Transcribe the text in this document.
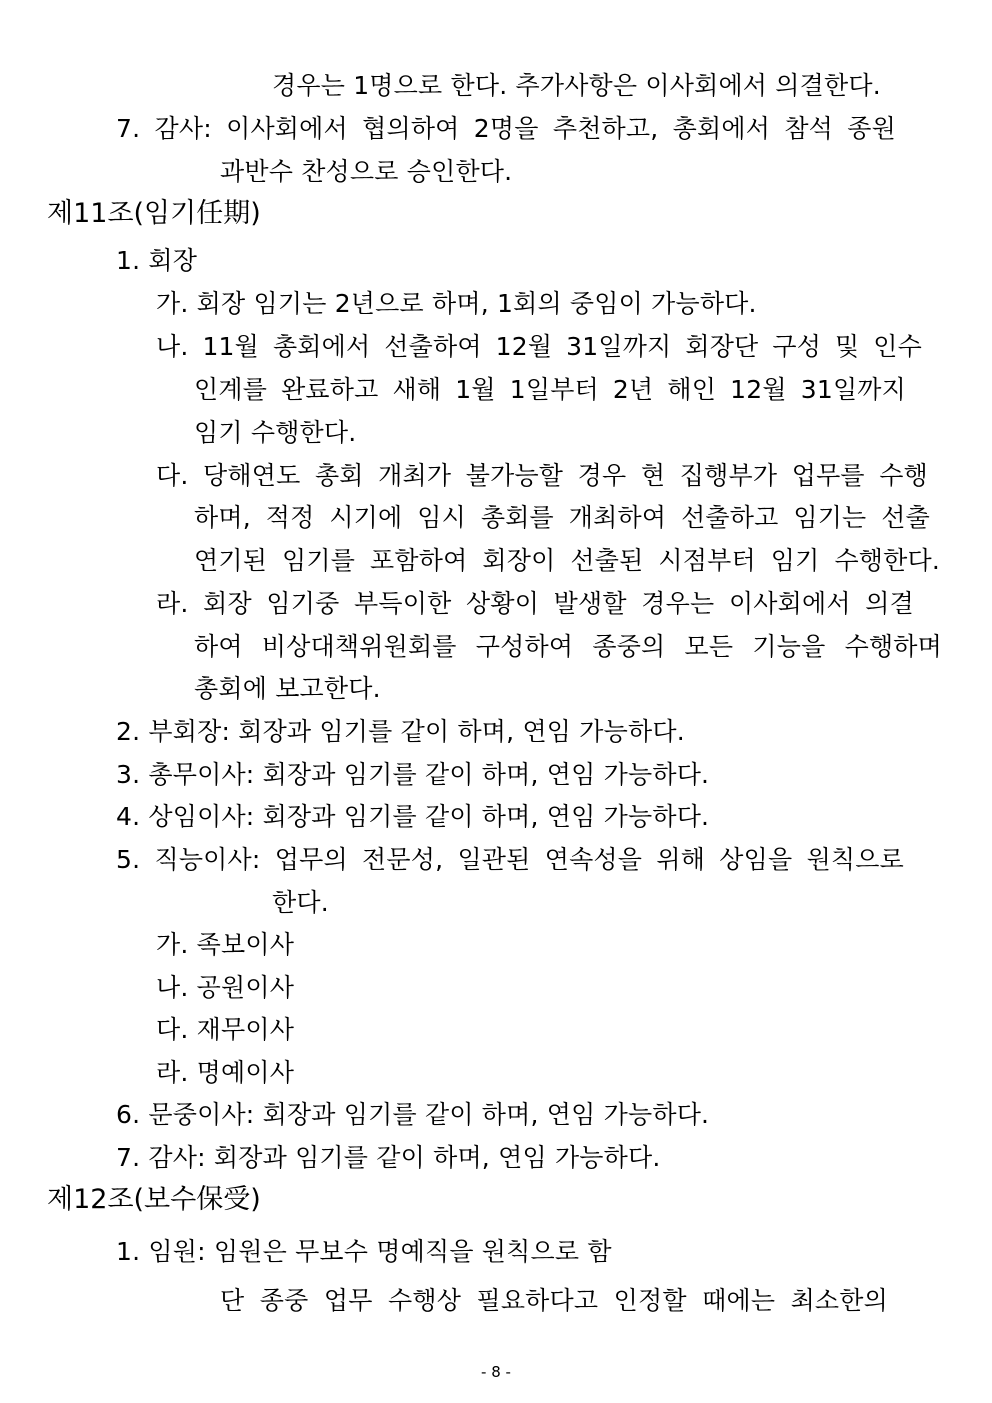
경우는 1명으로 한다. 추가사항은 이사회에서 의결한다.
7. 감사: 이사회에서 협의하여 2명을 추천하고, 총회에서 참석 종원
과반수 찬성으로 승인한다.
제11조(임기任期)
1. 회장
가. 회장 임기는 2년으로 하며, 1회의 중임이 가능하다.
나. 11월 총회에서 선출하여 12월 31일까지 회장단 구성 및 인수
인계를 완료하고 새해 1월 1일부터 2년 해인 12월 31일까지
임기 수행한다.
다. 당해연도 총회 개최가 불가능할 경우 현 집행부가 업무를 수행
하며, 적정 시기에 임시 총회를 개최하여 선출하고 임기는 선출
연기된 임기를 포함하여 회장이 선출된 시점부터 임기 수행한다.
라. 회장 임기중 부득이한 상황이 발생할 경우는 이사회에서 의결
하여 비상대책위원회를 구성하여 종중의 모든 기능을 수행하며
총회에 보고한다.
2. 부회장: 회장과 임기를 같이 하며, 연임 가능하다.
3. 총무이사: 회장과 임기를 같이 하며, 연임 가능하다.
4. 상임이사: 회장과 임기를 같이 하며, 연임 가능하다.
5. 직능이사: 업무의 전문성, 일관된 연속성을 위해 상임을 원칙으로
한다.
가. 족보이사
나. 공원이사
다. 재무이사
라. 명예이사
6. 문중이사: 회장과 임기를 같이 하며, 연임 가능하다.
7. 감사: 회장과 임기를 같이 하며, 연임 가능하다.
제12조(보수保受)
1. 임원: 임원은 무보수 명예직을 원칙으로 함
단 종중 업무 수행상 필요하다고 인정할 때에는 최소한의
- 8 -
